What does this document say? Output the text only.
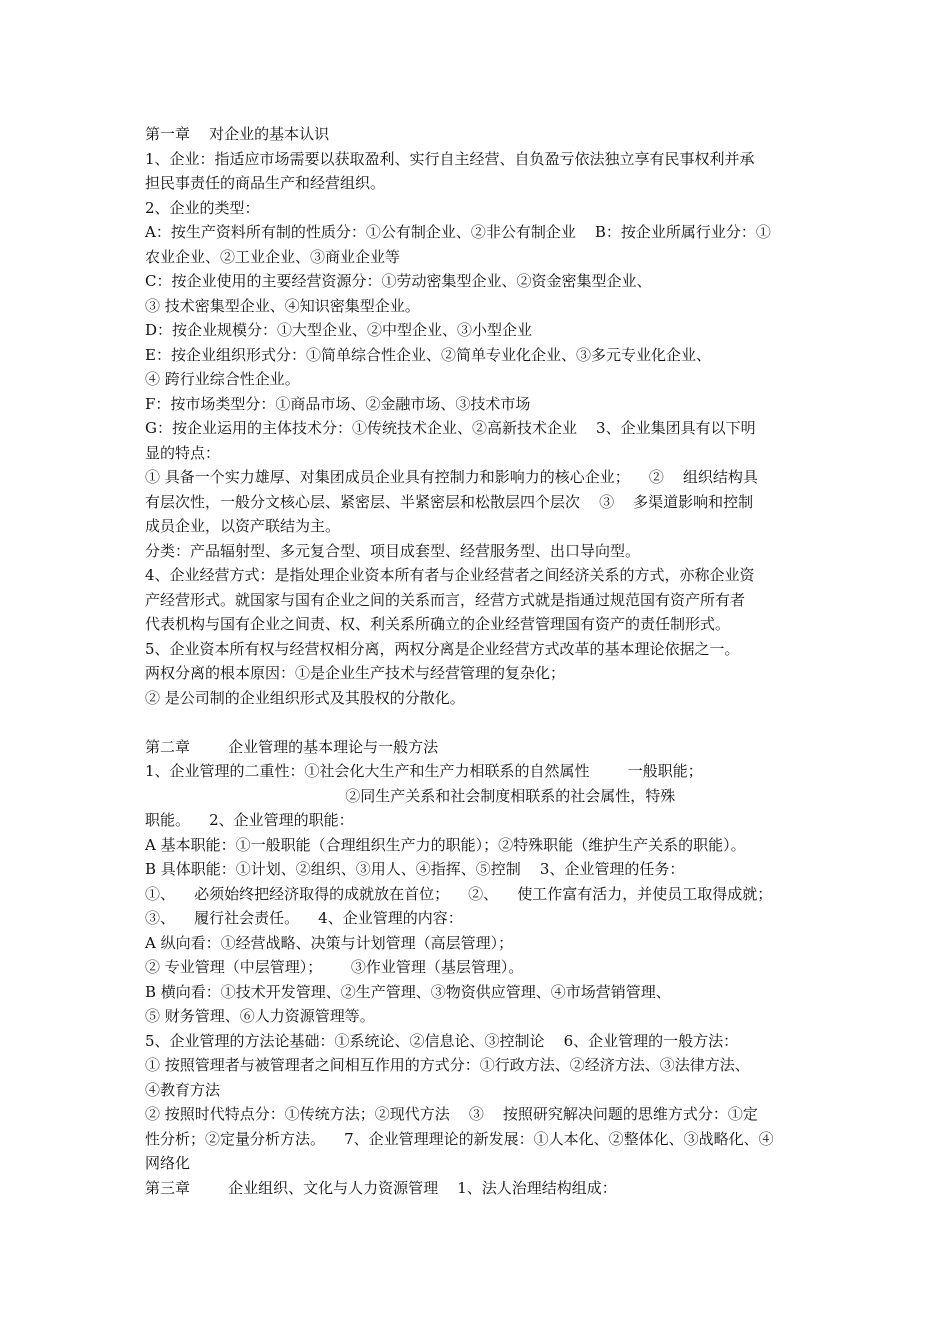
第一章    对企业的基本认识
1、企业：指适应市场需要以获取盈利、实行自主经营、自负盈亏依法独立享有民事权利并承
担民事责任的商品生产和经营组织。
2、企业的类型：
A：按生产资料所有制的性质分：①公有制企业、②非公有制企业    B：按企业所属行业分：①
农业企业、②工业企业、③商业企业等
C：按企业使用的主要经营资源分：①劳动密集型企业、②资金密集型企业、
③ 技术密集型企业、④知识密集型企业。
D：按企业规模分：①大型企业、②中型企业、③小型企业
E：按企业组织形式分：①简单综合性企业、②简单专业化企业、③多元专业化企业、
④ 跨行业综合性企业。
F：按市场类型分：①商品市场、②金融市场、③技术市场
G：按企业运用的主体技术分：①传统技术企业、②高新技术企业    3、企业集团具有以下明
显的特点：
① 具备一个实力雄厚、对集团成员企业具有控制力和影响力的核心企业；    ②    组织结构具
有层次性，一般分文核心层、紧密层、半紧密层和松散层四个层次    ③    多渠道影响和控制
成员企业，以资产联结为主。
分类：产品辐射型、多元复合型、项目成套型、经营服务型、出口导向型。
4、企业经营方式：是指处理企业资本所有者与企业经营者之间经济关系的方式，亦称企业资
产经营形式。就国家与国有企业之间的关系而言，经营方式就是指通过规范国有资产所有者
代表机构与国有企业之间责、权、利关系所确立的企业经营管理国有资产的责任制形式。
5、企业资本所有权与经营权相分离，两权分离是企业经营方式改革的基本理论依据之一。
两权分离的根本原因：①是企业生产技术与经营管理的复杂化；
② 是公司制的企业组织形式及其股权的分散化。
第二章        企业管理的基本理论与一般方法
1、企业管理的二重性：①社会化大生产和生产力相联系的自然属性        一般职能；
②同生产关系和社会制度相联系的社会属性，特殊
职能。    2、企业管理的职能：
A 基本职能：①一般职能（合理组织生产力的职能）；②特殊职能（维护生产关系的职能）。
B 具体职能：①计划、②组织、③用人、④指挥、⑤控制    3、企业管理的任务：
①、    必须始终把经济取得的成就放在首位；    ②、    使工作富有活力，并使员工取得成就；
③、    履行社会责任。    4、企业管理的内容：
A 纵向看：①经营战略、决策与计划管理（高层管理）；
② 专业管理（中层管理）；      ③作业管理（基层管理）。
B 横向看：①技术开发管理、②生产管理、③物资供应管理、④市场营销管理、
⑤ 财务管理、⑥人力资源管理等。
5、企业管理的方法论基础：①系统论、②信息论、③控制论    6、企业管理的一般方法：
① 按照管理者与被管理者之间相互作用的方式分：①行政方法、②经济方法、③法律方法、
④教育方法
② 按照时代特点分：①传统方法；②现代方法    ③    按照研究解决问题的思维方式分：①定
性分析；②定量分析方法。    7、企业管理理论的新发展：①人本化、②整体化、③战略化、④
网络化
第三章        企业组织、文化与人力资源管理    1、法人治理结构组成：
